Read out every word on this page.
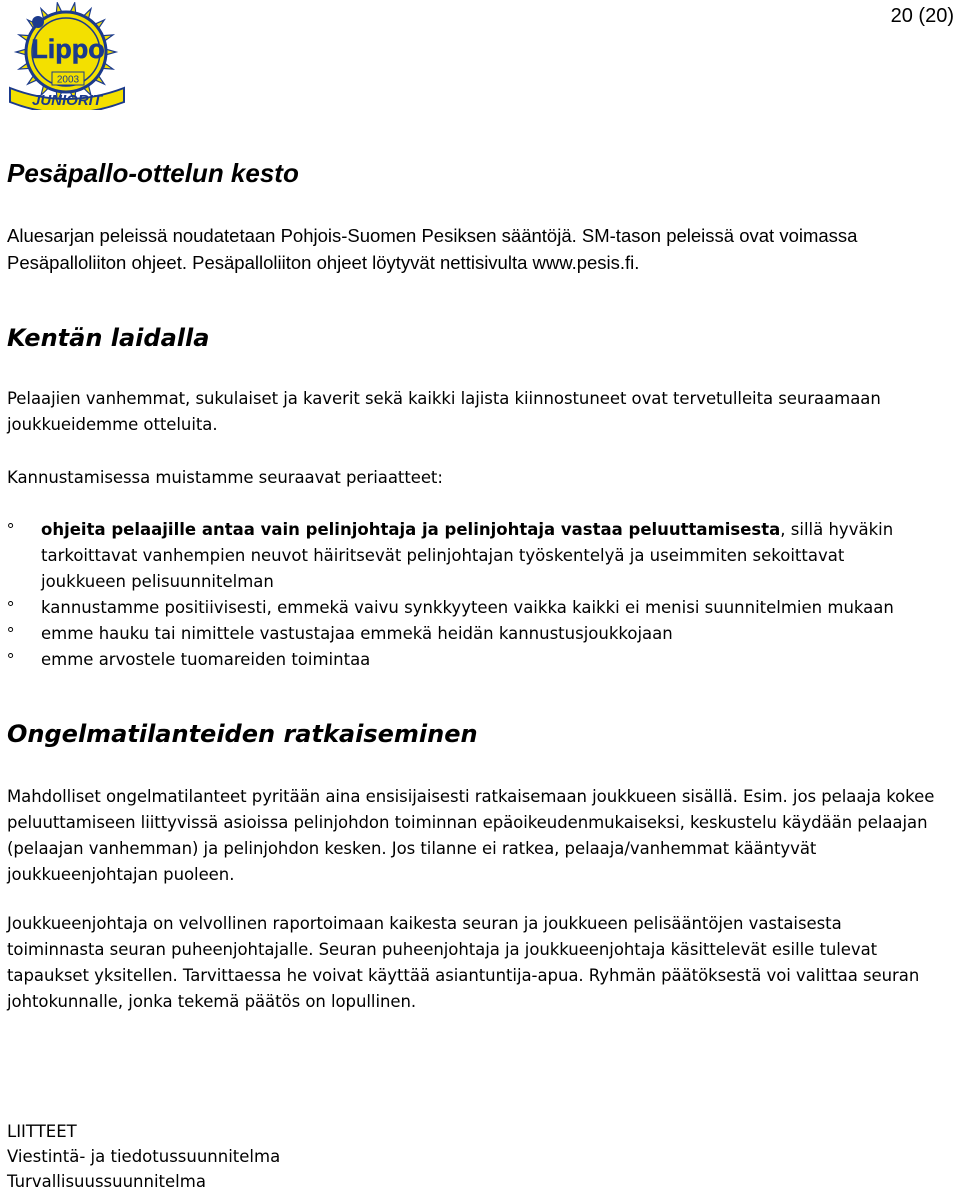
20 (20)
Lippo
2003
JUNIORIT
Pesäpallo-ottelun kesto

Aluesarjan peleissä noudatetaan Pohjois-Suomen Pesiksen sääntöjä. SM-tason peleissä ovat voimassa Pesäpalloliiton ohjeet. Pesäpalloliiton ohjeet löytyvät nettisivulta www.pesis.fi.

Kentän laidalla

Pelaajien vanhemmat, sukulaiset ja kaverit sekä kaikki lajista kiinnostuneet ovat tervetulleita seuraamaan joukkueidemme otteluita.

Kannustamisessa muistamme seuraavat periaatteet:

° ohjeita pelaajille antaa vain pelinjohtaja ja pelinjohtaja vastaa peluuttamisesta, sillä hyväkin tarkoittavat vanhempien neuvot häiritsevät pelinjohtajan työskentelyä ja useimmiten sekoittavat joukkueen pelisuunnitelman
° kannustamme positiivisesti, emmekä vaivu synkkyyteen vaikka kaikki ei menisi suunnitelmien mukaan
° emme hauku tai nimittele vastustajaa emmekä heidän kannustusjoukkojaan
° emme arvostele tuomareiden toimintaa
Ongelmatilanteiden ratkaiseminen

Mahdolliset ongelmatilanteet pyritään aina ensisijaisesti ratkaisemaan joukkueen sisällä. Esim. jos pelaaja kokee peluuttamiseen liittyvissä asioissa pelinjohdon toiminnan epäoikeudenmukaiseksi, keskustelu käydään pelaajan (pelaajan vanhemman) ja pelinjohdon kesken. Jos tilanne ei ratkea, pelaaja/vanhemmat kääntyvät joukkueenjohtajan puoleen.

Joukkueenjohtaja on velvollinen raportoimaan kaikesta seuran ja joukkueen pelisääntöjen vastaisesta toiminnasta seuran puheenjohtajalle. Seuran puheenjohtaja ja joukkueenjohtaja käsittelevät esille tulevat tapaukset yksitellen. Tarvittaessa he voivat käyttää asiantuntija-apua. Ryhmän päätöksestä voi valittaa seuran johtokunnalle, jonka tekemä päätös on lopullinen.

LIITTEET
Viestintä- ja tiedotussuunnitelma
Turvallisuussuunnitelma
